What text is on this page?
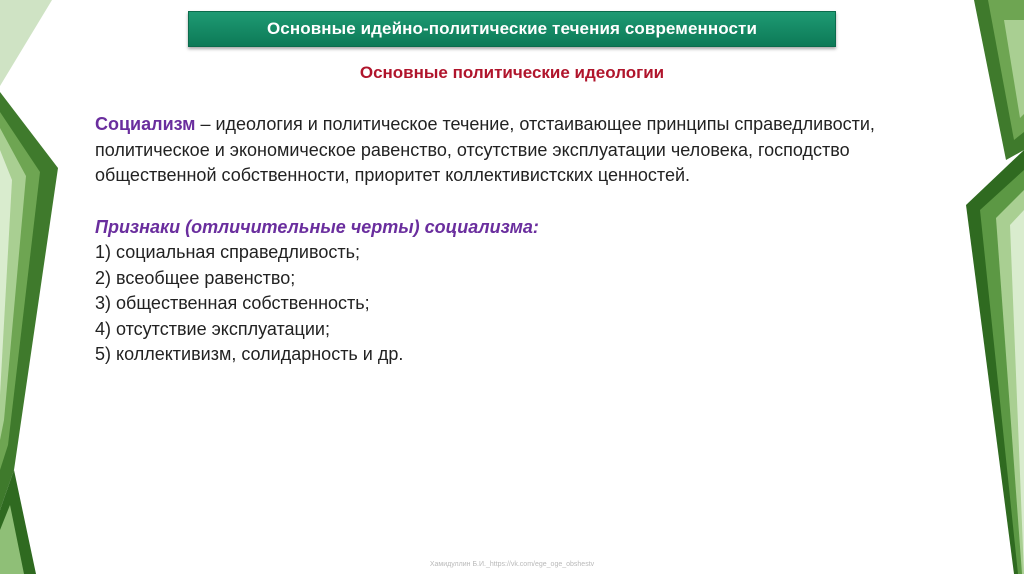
Основные идейно-политические течения современности
Основные политические идеологии

Социализм – идеология и политическое течение, отстаивающее принципы справедливости, политическое и экономическое равенство, отсутствие эксплуатации человека, господство общественной собственности, приоритет коллективистских ценностей.

Признаки (отличительные черты) социализма:
1) социальная справедливость;
2) всеобщее равенство;
3) общественная собственность;
4) отсутствие эксплуатации;
5) коллективизм, солидарность и др.
Хамидуллин Б.И._https://vk.com/ege_oge_obshestv
